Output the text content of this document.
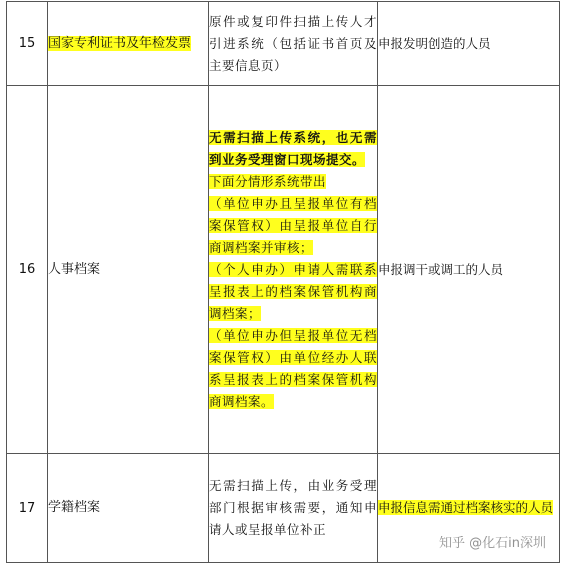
15	国家专利证书及年检发票	原件或复印件扫描上传人才引进系统（包括证书首页及主要信息页）	申报发明创造的人员
16	人事档案	无需扫描上传系统，也无需到业务受理窗口现场提交。
下面分情形系统带出
（单位申办且呈报单位有档案保管权）由呈报单位自行商调档案并审核；
（个人申办）申请人需联系呈报表上的档案保管机构商调档案；
（单位申办但呈报单位无档案保管权）由单位经办人联系呈报表上的档案保管机构商调档案。	申报调干或调工的人员
17	学籍档案	无需扫描上传，由业务受理部门根据审核需要，通知申请人或呈报单位补正	申报信息需通过档案核实的人员
知乎 @化石in深圳
